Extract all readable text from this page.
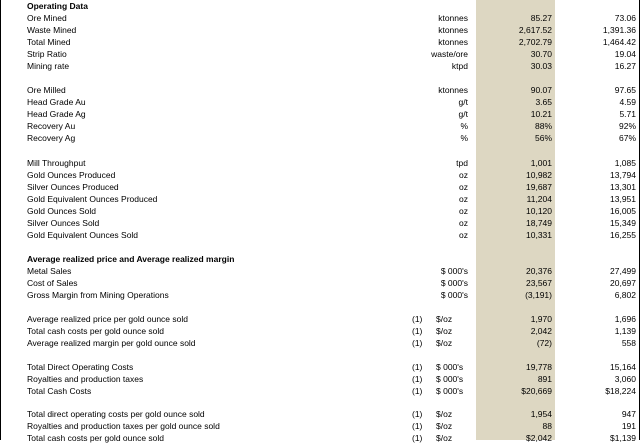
Operating Data
Ore Mined	ktonnes	85.27	73.06
Waste Mined	ktonnes	2,617.52	1,391.36
Total Mined	ktonnes	2,702.79	1,464.42
Strip Ratio	waste/ore	30.70	19.04
Mining rate	ktpd	30.03	16.27
Ore Milled	ktonnes	90.07	97.65
Head Grade Au	g/t	3.65	4.59
Head Grade Ag	g/t	10.21	5.71
Recovery Au	%	88%	92%
Recovery Ag	%	56%	67%
Mill Throughput	tpd	1,001	1,085
Gold Ounces Produced	oz	10,982	13,794
Silver Ounces Produced	oz	19,687	13,301
Gold Equivalent Ounces Produced	oz	11,204	13,951
Gold Ounces Sold	oz	10,120	16,005
Silver Ounces Sold	oz	18,749	15,349
Gold Equivalent Ounces Sold	oz	10,331	16,255
Average realized price and Average realized margin
Metal Sales	$ 000's	20,376	27,499
Cost of Sales	$ 000's	23,567	20,697
Gross Margin from Mining Operations	$ 000's	(3,191)	6,802
Average realized price per gold ounce sold	(1) $/oz	1,970	1,696
Total cash costs per gold ounce sold	(1) $/oz	2,042	1,139
Average realized margin per gold ounce sold	(1) $/oz	(72)	558
Total Direct Operating Costs	(1) $ 000's	19,778	15,164
Royalties and production taxes	(1) $ 000's	891	3,060
Total Cash Costs	(1) $ 000's	$20,669	$18,224
Total direct operating costs per gold ounce sold	(1) $/oz	1,954	947
Royalties and production taxes per gold ounce sold	(1) $/oz	88	191
Total cash costs per gold ounce sold	(1) $/oz	$2,042	$1,139
